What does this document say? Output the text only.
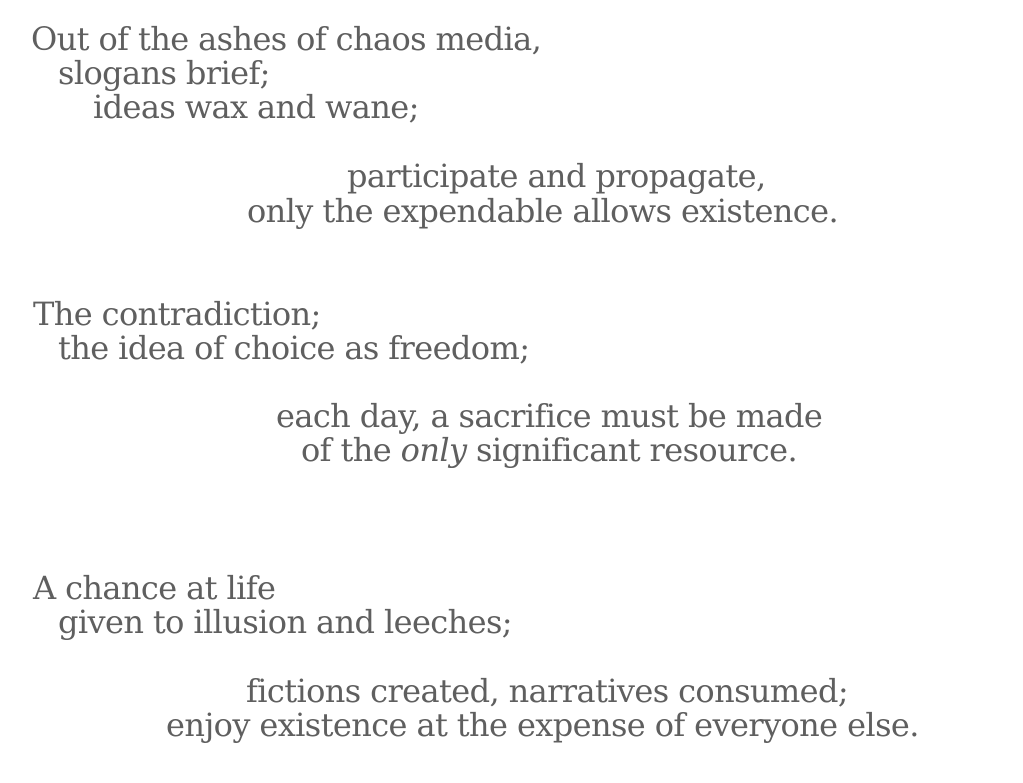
Out of the ashes of chaos media,

slogans brief;

ideas wax and wane;

participate and propagate,

only the expendable allows existence.

The contradiction;

the idea of choice as freedom;

each day, a sacrifice must be made

of the only significant resource.

A chance at life

given to illusion and leeches;

fictions created, narratives consumed;

enjoy existence at the expense of everyone else.
